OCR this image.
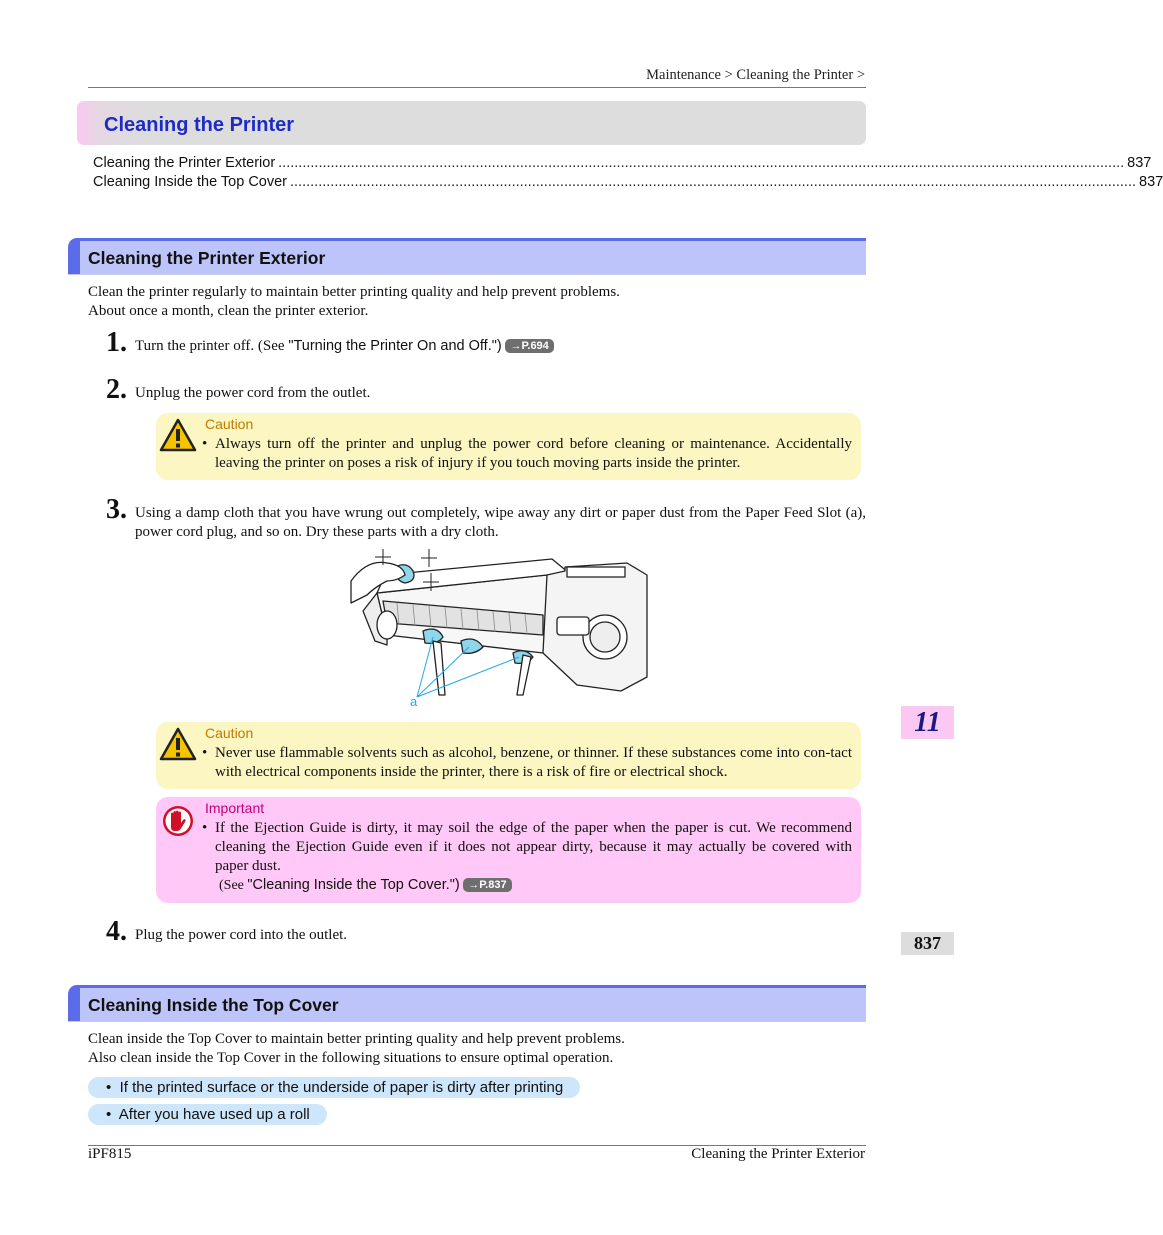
Maintenance > Cleaning the Printer >
Cleaning the Printer
Cleaning the Printer Exterior .................................................................................................................................................................................................................. 837
Cleaning Inside the Top Cover .................................................................................................................................................................................................................. 837
Cleaning the Printer Exterior
Clean the printer regularly to maintain better printing quality and help prevent problems.
About once a month, clean the printer exterior.
1. Turn the printer off. (See "Turning the Printer On and Off.") →P.694
2. Unplug the power cord from the outlet.
Caution
• Always turn off the printer and unplug the power cord before cleaning or maintenance. Accidentally leaving the printer on poses a risk of injury if you touch moving parts inside the printer.
3. Using a damp cloth that you have wrung out completely, wipe away any dirt or paper dust from the Paper Feed Slot (a), power cord plug, and so on. Dry these parts with a dry cloth.
a
Caution
• Never use flammable solvents such as alcohol, benzene, or thinner. If these substances come into con-tact with electrical components inside the printer, there is a risk of fire or electrical shock.
Important
• If the Ejection Guide is dirty, it may soil the edge of the paper when the paper is cut. We recommend cleaning the Ejection Guide even if it does not appear dirty, because it may actually be covered with paper dust.
(See "Cleaning Inside the Top Cover.") →P.837
4. Plug the power cord into the outlet.
Cleaning Inside the Top Cover
Clean inside the Top Cover to maintain better printing quality and help prevent problems.
Also clean inside the Top Cover in the following situations to ensure optimal operation.
• If the printed surface or the underside of paper is dirty after printing
• After you have used up a roll
11
837
iPF815	Cleaning the Printer Exterior
